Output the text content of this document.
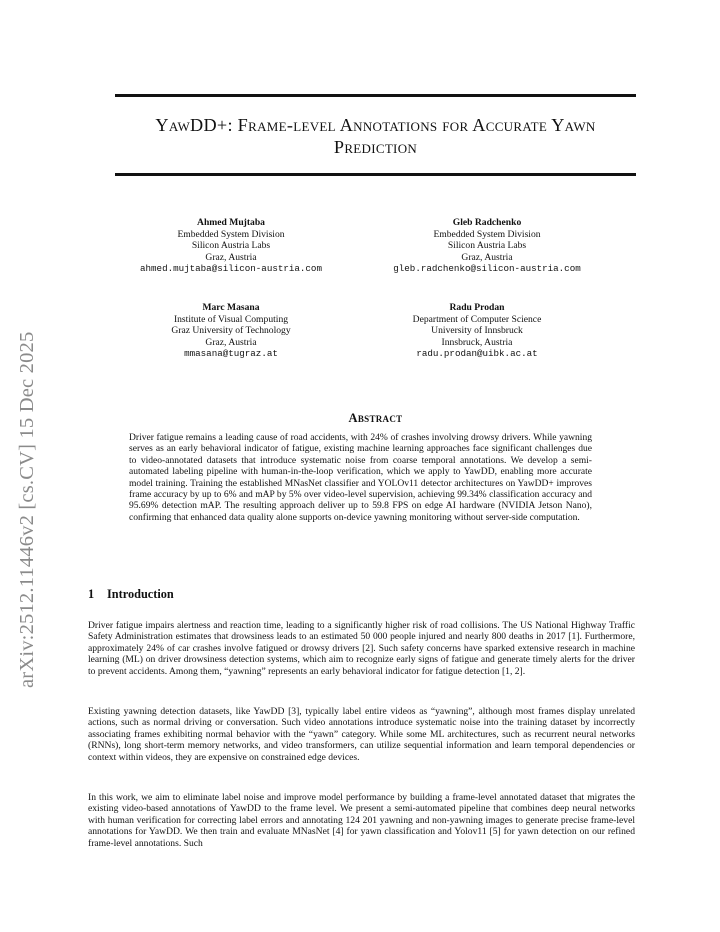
arXiv:2512.11446v2 [cs.CV] 15 Dec 2025
YawDD+: Frame-level Annotations for Accurate Yawn
Prediction
Ahmed Mujtaba
Embedded System Division
Silicon Austria Labs
Graz, Austria
ahmed.mujtaba@silicon-austria.com
Gleb Radchenko
Embedded System Division
Silicon Austria Labs
Graz, Austria
gleb.radchenko@silicon-austria.com
Marc Masana
Institute of Visual Computing
Graz University of Technology
Graz, Austria
mmasana@tugraz.at
Radu Prodan
Department of Computer Science
University of Innsbruck
Innsbruck, Austria
radu.prodan@uibk.ac.at
Abstract
Driver fatigue remains a leading cause of road accidents, with 24% of crashes involving drowsy drivers. While yawning serves as an early behavioral indicator of fatigue, existing machine learning approaches face significant challenges due to video-annotated datasets that introduce systematic noise from coarse temporal annotations. We develop a semi-automated labeling pipeline with human-in-the-loop verification, which we apply to YawDD, enabling more accurate model training. Training the established MNasNet classifier and YOLOv11 detector architectures on YawDD+ improves frame accuracy by up to 6% and mAP by 5% over video-level supervision, achieving 99.34% classification accuracy and 95.69% detection mAP. The resulting approach deliver up to 59.8 FPS on edge AI hardware (NVIDIA Jetson Nano), confirming that enhanced data quality alone supports on-device yawning monitoring without server-side computation.
1 Introduction

Driver fatigue impairs alertness and reaction time, leading to a significantly higher risk of road collisions. The US National Highway Traffic Safety Administration estimates that drowsiness leads to an estimated 50 000 people injured and nearly 800 deaths in 2017 [1]. Furthermore, approximately 24% of car crashes involve fatigued or drowsy drivers [2]. Such safety concerns have sparked extensive research in machine learning (ML) on driver drowsiness detection systems, which aim to recognize early signs of fatigue and generate timely alerts for the driver to prevent accidents. Among them, “yawning” represents an early behavioral indicator for fatigue detection [1, 2].

Existing yawning detection datasets, like YawDD [3], typically label entire videos as “yawning”, although most frames display unrelated actions, such as normal driving or conversation. Such video annotations introduce systematic noise into the training dataset by incorrectly associating frames exhibiting normal behavior with the “yawn” category. While some ML architectures, such as recurrent neural networks (RNNs), long short-term memory networks, and video transformers, can utilize sequential information and learn temporal dependencies or context within videos, they are expensive on constrained edge devices.

In this work, we aim to eliminate label noise and improve model performance by building a frame-level annotated dataset that migrates the existing video-based annotations of YawDD to the frame level. We present a semi-automated pipeline that combines deep neural networks with human verification for correcting label errors and annotating 124 201 yawning and non-yawning images to generate precise frame-level annotations for YawDD. We then train and evaluate MNasNet [4] for yawn classification and Yolov11 [5] for yawn detection on our refined frame-level annotations. Such
